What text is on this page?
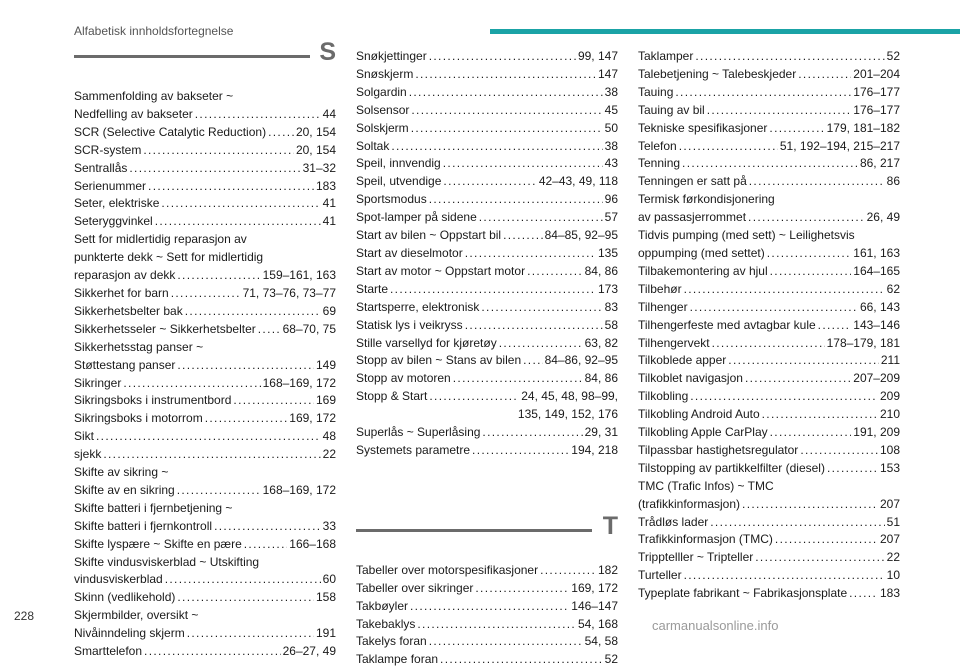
Alfabetisk innholdsfortegnelse
S
Sammenfolding av bakseter ~
Nedfelling av bakseter . . .	44
SCR (Selective Catalytic Reduction) . . . 20, 154
SCR-system . . .	20, 154
Sentrallås . . .	31–32
Serienummer . . .	183
Seter, elektriske . . .	41
Seteryggvinkel . . .	41
Sett for midlertidig reparasjon av
punkterte dekk ~ Sett for midlertidig
reparasjon av dekk . . .	159–161, 163
Sikkerhet for barn . . .	71, 73–76, 73–77
Sikkerhetsbelter bak . . .	69
Sikkerhetsseler ~ Sikkerhetsbelter . . . 68–70, 75
Sikkerhetsstag panser ~
Støttestang panser . . .	149
Sikringer . . .	168–169, 172
Sikringsboks i instrumentbord . . .	169
Sikringsboks i motorrom . . .	169, 172
Sikt . . .	48
sjekk . . .	22
Skifte av sikring ~
Skifte av en sikring . . .	168–169, 172
Skifte batteri i fjernbetjening ~
Skifte batteri i fjernkontroll . . .	33
Skifte lyspære ~ Skifte en pære . . .	166–168
Skifte vindusviskerblad ~ Utskifting
vindusviskerblad . . .	60
Skinn (vedlikehold) . . .	158
Skjermbilder, oversikt ~
Nivåinndeling skjerm . . .	191
Smarttelefon . . .	26–27, 49
Snøkjettinger . . .	99, 147
Snøskjerm . . .	147
Solgardin . . .	38
Solsensor . . .	45
Solskjerm . . .	50
Soltak . . .	38
Speil, innvendig . . .	43
Speil, utvendige . . .	42–43, 49, 118
Sportsmodus . . .	96
Spot-lamper på sidene . . .	57
Start av bilen ~ Oppstart bil . . .	84–85, 92–95
Start av dieselmotor . . .	135
Start av motor ~ Oppstart motor . . .	84, 86
Starte . . .	173
Startsperre, elektronisk . . .	83
Statisk lys i veikryss . . .	58
Stille varsellyd for kjøretøy . . .	63, 82
Stopp av bilen ~ Stans av bilen . . . 84–86, 92–95
Stopp av motoren . . .	84, 86
Stopp & Start . . .	24, 45, 48, 98–99,
135, 149, 152, 176
Superlås ~ Superlåsing . . .	29, 31
Systemets parametre . . .	194, 218
T
Tabeller over motorspesifikasjoner . . .	182
Tabeller over sikringer . . .	169, 172
Takbøyler . . .	146–147
Takebaklys . . .	54, 168
Takelys foran . . .	54, 58
Taklampe foran . . .	52
Taklamper . . .	52
Talebetjening ~ Talebeskjeder . . .	201–204
Tauing . . .	176–177
Tauing av bil . . .	176–177
Tekniske spesifikasjoner . . .	179, 181–182
Telefon . . .	51, 192–194, 215–217
Tenning . . .	86, 217
Tenningen er satt på . . .	86
Termisk førkondisjonering
av passasjerrommet . . .	26, 49
Tidvis pumping (med sett) ~ Leilighetsvis
oppumping (med settet) . . .	161, 163
Tilbakemontering av hjul . . .	164–165
Tilbehør . . .	62
Tilhenger . . .	66, 143
Tilhengerfeste med avtagbar kule . . .	143–146
Tilhengervekt . . .	178–179, 181
Tilkoblede apper . . .	211
Tilkoblet navigasjon . . .	207–209
Tilkobling . . .	209
Tilkobling Android Auto . . .	210
Tilkobling Apple CarPlay . . .	191, 209
Tilpassbar hastighetsregulator . . .	108
Tilstopping av partikkelfilter (diesel) . . .	153
TMC (Trafic Infos) ~ TMC
(trafikkinformasjon) . . .	207
Trådløs lader . . .	51
Trafikkinformasjon (TMC) . . .	207
Tripptelller ~ Tripteller . . .	22
Turteller . . .	10
Typeplate fabrikant ~ Fabrikasjonsplate . . .	183
228
carmanualsonline.info
